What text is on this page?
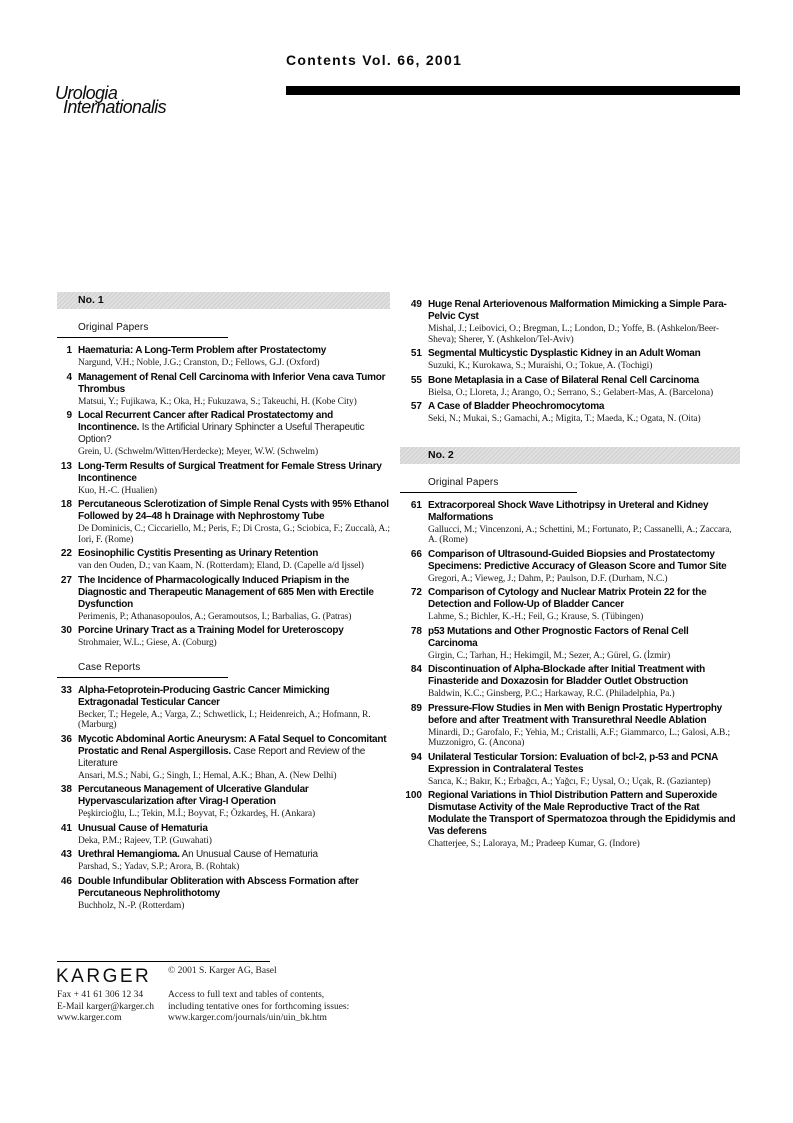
Urologia
Internationalis
Contents Vol. 66, 2001
No. 1
Original Papers
1 Haematuria: A Long-Term Problem after Prostatectomy
Nargund, V.H.; Noble, J.G.; Cranston, D.; Fellows, G.J. (Oxford)
4 Management of Renal Cell Carcinoma with Inferior Vena cava Tumor Thrombus
Matsui, Y.; Fujikawa, K.; Oka, H.; Fukuzawa, S.; Takeuchi, H. (Kobe City)
9 Local Recurrent Cancer after Radical Prostatectomy and Incontinence. Is the Artificial Urinary Sphincter a Useful Therapeutic Option?
Grein, U. (Schwelm/Witten/Herdecke); Meyer, W.W. (Schwelm)
13 Long-Term Results of Surgical Treatment for Female Stress Urinary Incontinence
Kuo, H.-C. (Hualien)
18 Percutaneous Sclerotization of Simple Renal Cysts with 95% Ethanol Followed by 24–48 h Drainage with Nephrostomy Tube
De Dominicis, C.; Ciccariello, M.; Peris, F.; Di Crosta, G.; Sciobica, F.; Zuccalà, A.; Iori, F. (Rome)
22 Eosinophilic Cystitis Presenting as Urinary Retention
van den Ouden, D.; van Kaam, N. (Rotterdam); Eland, D. (Capelle a/d Ijssel)
27 The Incidence of Pharmacologically Induced Priapism in the Diagnostic and Therapeutic Management of 685 Men with Erectile Dysfunction
Perimenis, P.; Athanasopoulos, A.; Geramoutsos, I.; Barbalias, G. (Patras)
30 Porcine Urinary Tract as a Training Model for Ureteroscopy
Strohmaier, W.L.; Giese, A. (Coburg)
Case Reports
33 Alpha-Fetoprotein-Producing Gastric Cancer Mimicking Extragonadal Testicular Cancer
Becker, T.; Hegele, A.; Varga, Z.; Schwetlick, I.; Heidenreich, A.; Hofmann, R. (Marburg)
36 Mycotic Abdominal Aortic Aneurysm: A Fatal Sequel to Concomitant Prostatic and Renal Aspergillosis. Case Report and Review of the Literature
Ansari, M.S.; Nabi, G.; Singh, I.; Hemal, A.K.; Bhan, A. (New Delhi)
38 Percutaneous Management of Ulcerative Glandular Hypervascularization after Virag-I Operation
Peşkircioğlu, L.; Tekin, M.İ.; Boyvat, F.; Özkardeş, H. (Ankara)
41 Unusual Cause of Hematuria
Deka, P.M.; Rajeev, T.P. (Guwahati)
43 Urethral Hemangioma. An Unusual Cause of Hematuria
Parshad, S.; Yadav, S.P.; Arora, B. (Rohtak)
46 Double Infundibular Obliteration with Abscess Formation after Percutaneous Nephrolithotomy
Buchholz, N.-P. (Rotterdam)
49 Huge Renal Arteriovenous Malformation Mimicking a Simple Para-Pelvic Cyst
Mishal, J.; Leibovici, O.; Bregman, L.; London, D.; Yoffe, B. (Ashkelon/Beer-Sheva); Sherer, Y. (Ashkelon/Tel-Aviv)
51 Segmental Multicystic Dysplastic Kidney in an Adult Woman
Suzuki, K.; Kurokawa, S.; Muraishi, O.; Tokue, A. (Tochigi)
55 Bone Metaplasia in a Case of Bilateral Renal Cell Carcinoma
Bielsa, O.; Lloreta, J.; Arango, O.; Serrano, S.; Gelabert-Mas, A. (Barcelona)
57 A Case of Bladder Pheochromocytoma
Seki, N.; Mukai, S.; Gamachi, A.; Migita, T.; Maeda, K.; Ogata, N. (Oita)
No. 2
Original Papers
61 Extracorporeal Shock Wave Lithotripsy in Ureteral and Kidney Malformations
Gallucci, M.; Vincenzoni, A.; Schettini, M.; Fortunato, P.; Cassanelli, A.; Zaccara, A. (Rome)
66 Comparison of Ultrasound-Guided Biopsies and Prostatectomy Specimens: Predictive Accuracy of Gleason Score and Tumor Site
Gregori, A.; Vieweg, J.; Dahm, P.; Paulson, D.F. (Durham, N.C.)
72 Comparison of Cytology and Nuclear Matrix Protein 22 for the Detection and Follow-Up of Bladder Cancer
Lahme, S.; Bichler, K.-H.; Feil, G.; Krause, S. (Tübingen)
78 p53 Mutations and Other Prognostic Factors of Renal Cell Carcinoma
Girgin, C.; Tarhan, H.; Hekimgil, M.; Sezer, A.; Gürel, G. (İzmir)
84 Discontinuation of Alpha-Blockade after Initial Treatment with Finasteride and Doxazosin for Bladder Outlet Obstruction
Baldwin, K.C.; Ginsberg, P.C.; Harkaway, R.C. (Philadelphia, Pa.)
89 Pressure-Flow Studies in Men with Benign Prostatic Hypertrophy before and after Treatment with Transurethral Needle Ablation
Minardi, D.; Garofalo, F.; Yehia, M.; Cristalli, A.F.; Giammarco, L.; Galosi, A.B.; Muzzonigro, G. (Ancona)
94 Unilateral Testicular Torsion: Evaluation of bcl-2, p-53 and PCNA Expression in Contralateral Testes
Sarıca, K.; Bakır, K.; Erbağcı, A.; Yağcı, F.; Uysal, O.; Uçak, R. (Gaziantep)
100 Regional Variations in Thiol Distribution Pattern and Superoxide Dismutase Activity of the Male Reproductive Tract of the Rat Modulate the Transport of Spermatozoa through the Epididymis and Vas deferens
Chatterjee, S.; Laloraya, M.; Pradeep Kumar, G. (Indore)
KARGER © 2001 S. Karger AG, Basel
Fax + 41 61 306 12 34
E-Mail karger@karger.ch
www.karger.com
Access to full text and tables of contents,
including tentative ones for forthcoming issues:
www.karger.com/journals/uin/uin_bk.htm
